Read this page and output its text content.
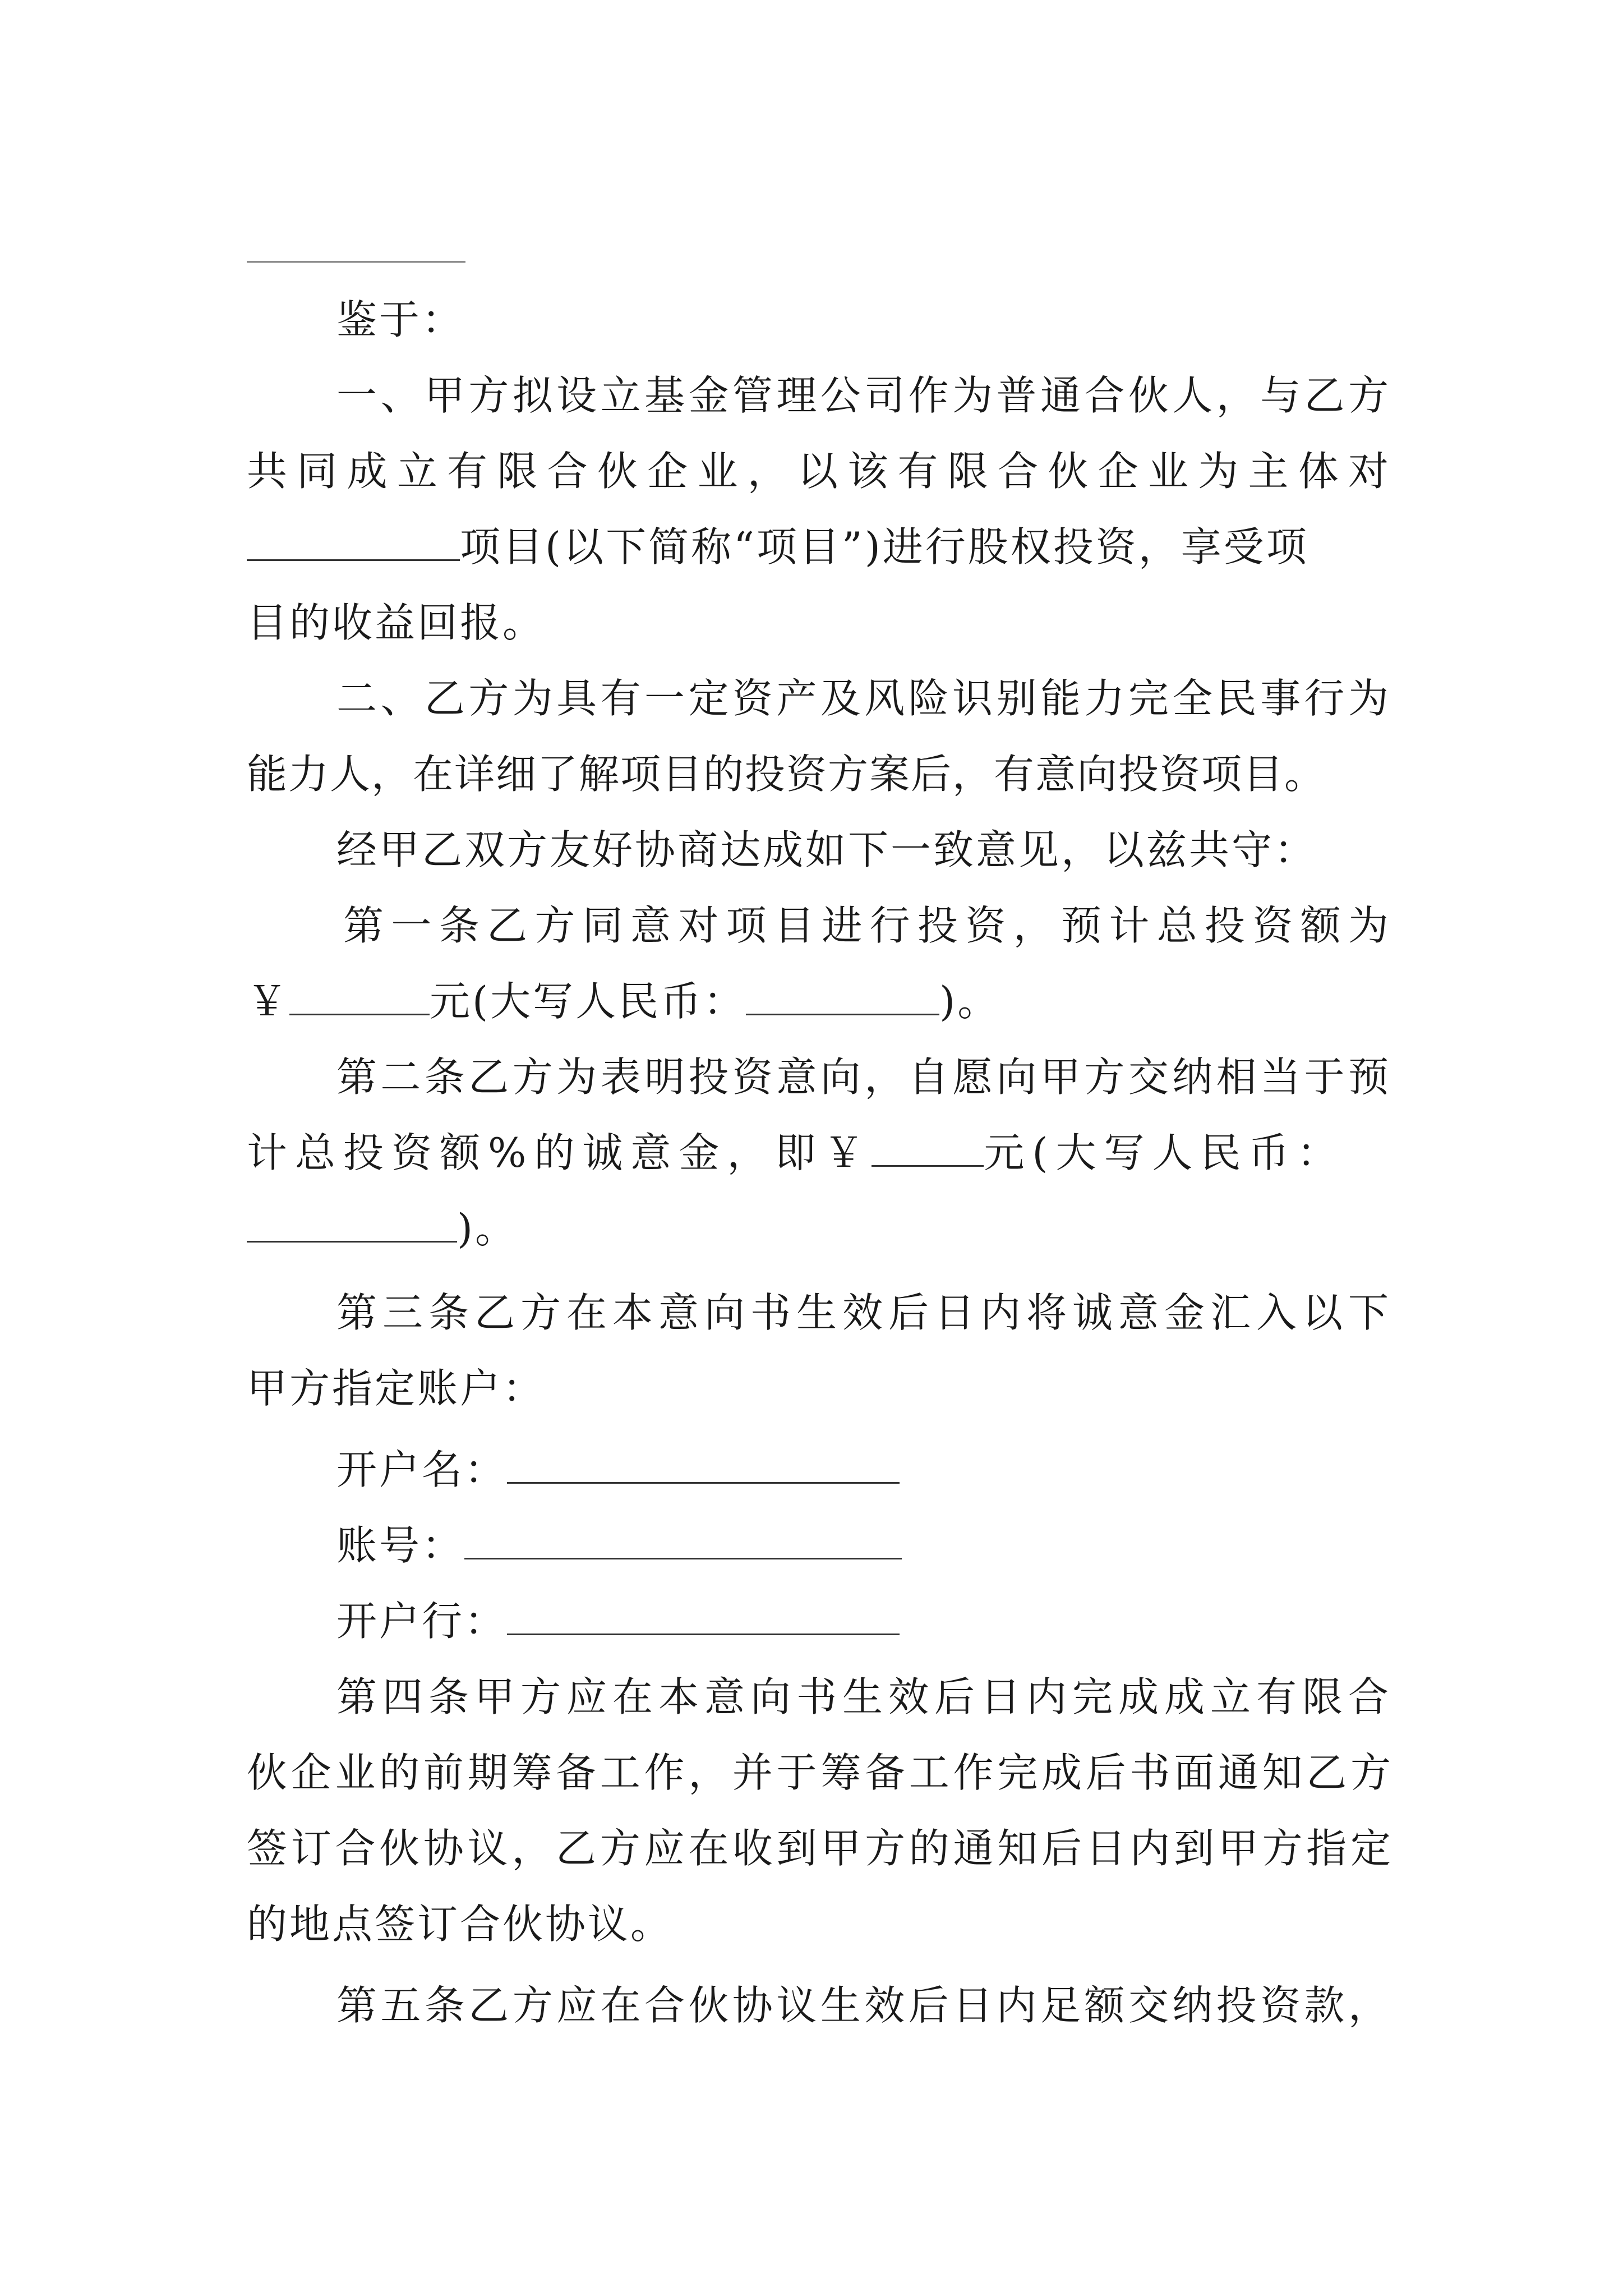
鉴于：
一、甲方拟设立基金管理公司作为普通合伙人，与乙方
共同成立有限合伙企业，以该有限合伙企业为主体对
项目(以下简称“项目”)进行股权投资，享受项
目的收益回报。
二、乙方为具有一定资产及风险识别能力完全民事行为
能力人，在详细了解项目的投资方案后，有意向投资项目。
经甲乙双方友好协商达成如下一致意见，以兹共守：
第一条乙方同意对项目进行投资，预计总投资额为
￥	元(大写人民币：	)。
第二条乙方为表明投资意向，自愿向甲方交纳相当于预
计总投资额%的诚意金，即￥	元(大写人民币：
)。
第三条乙方在本意向书生效后日内将诚意金汇入以下
甲方指定账户：
开户名：
账号：
开户行：
第四条甲方应在本意向书生效后日内完成成立有限合
伙企业的前期筹备工作，并于筹备工作完成后书面通知乙方
签订合伙协议，乙方应在收到甲方的通知后日内到甲方指定
的地点签订合伙协议。
第五条乙方应在合伙协议生效后日内足额交纳投资款，
